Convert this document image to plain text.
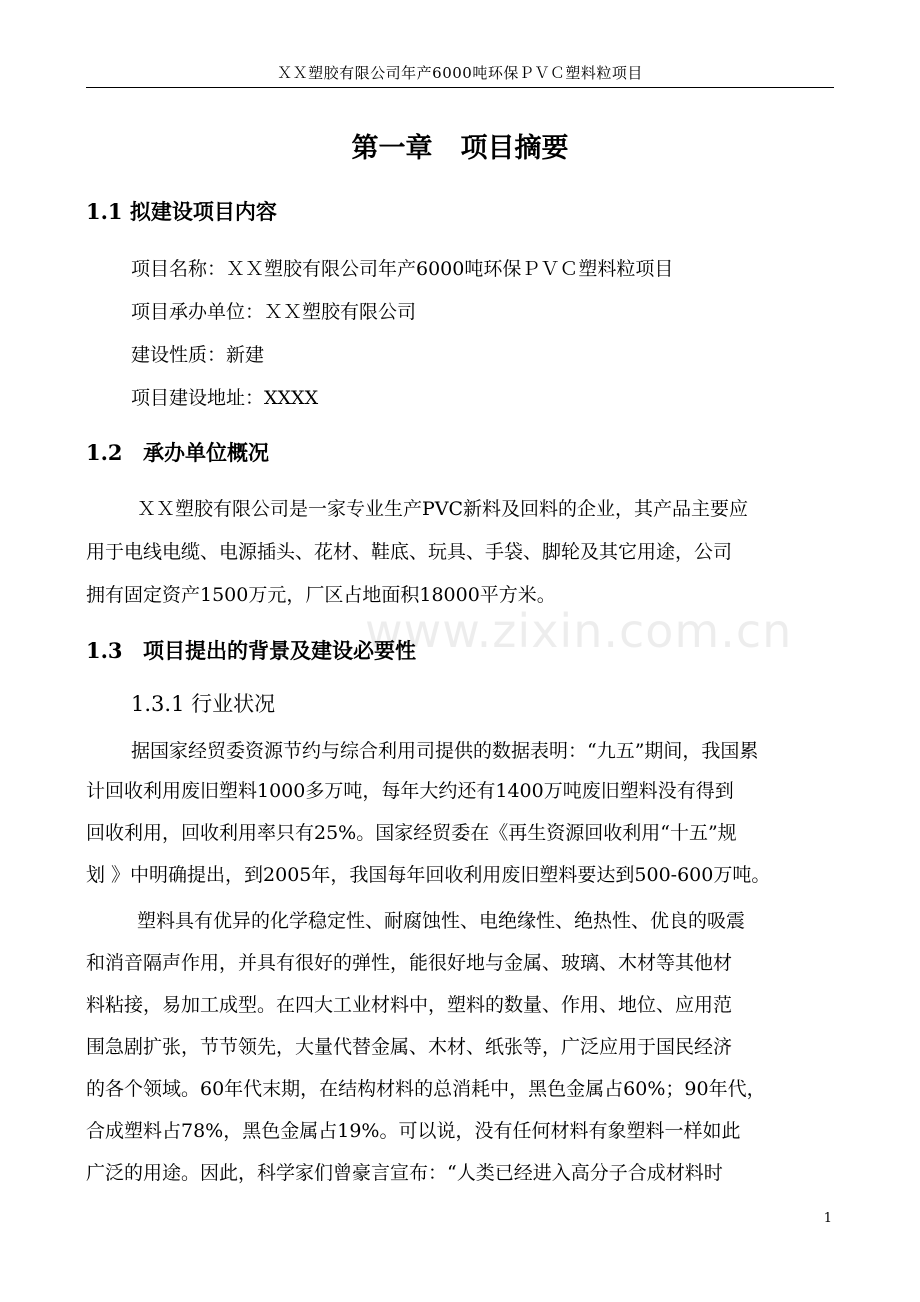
ＸＸ塑胶有限公司年产6000吨环保ＰＶＣ塑料粒项目
第一章 项目摘要
1.1 拟建设项目内容
项目名称：ＸＸ塑胶有限公司年产6000吨环保ＰＶＣ塑料粒项目
项目承办单位：ＸＸ塑胶有限公司
建设性质：新建
项目建设地址：XXXX
1.2 承办单位概况
ＸＸ塑胶有限公司是一家专业生产PVC新料及回料的企业，其产品主要应
用于电线电缆、电源插头、花材、鞋底、玩具、手袋、脚轮及其它用途，公司
拥有固定资产1500万元，厂区占地面积18000平方米。
www.zixin.com.cn
1.3 项目提出的背景及建设必要性
1.3.1 行业状况
据国家经贸委资源节约与综合利用司提供的数据表明：“九五”期间，我国累
计回收利用废旧塑料1000多万吨，每年大约还有1400万吨废旧塑料没有得到
回收利用，回收利用率只有25%。国家经贸委在《再生资源回收利用“十五”规
划 》中明确提出，到2005年，我国每年回收利用废旧塑料要达到500-600万吨。
塑料具有优异的化学稳定性、耐腐蚀性、电绝缘性、绝热性、优良的吸震
和消音隔声作用，并具有很好的弹性，能很好地与金属、玻璃、木材等其他材
料粘接，易加工成型。在四大工业材料中，塑料的数量、作用、地位、应用范
围急剧扩张，节节领先，大量代替金属、木材、纸张等，广泛应用于国民经济
的各个领域。60年代末期，在结构材料的总消耗中，黑色金属占60%；90年代，
合成塑料占78%，黑色金属占19%。可以说，没有任何材料有象塑料一样如此
广泛的用途。因此，科学家们曾豪言宣布：“人类已经进入高分子合成材料时
1
